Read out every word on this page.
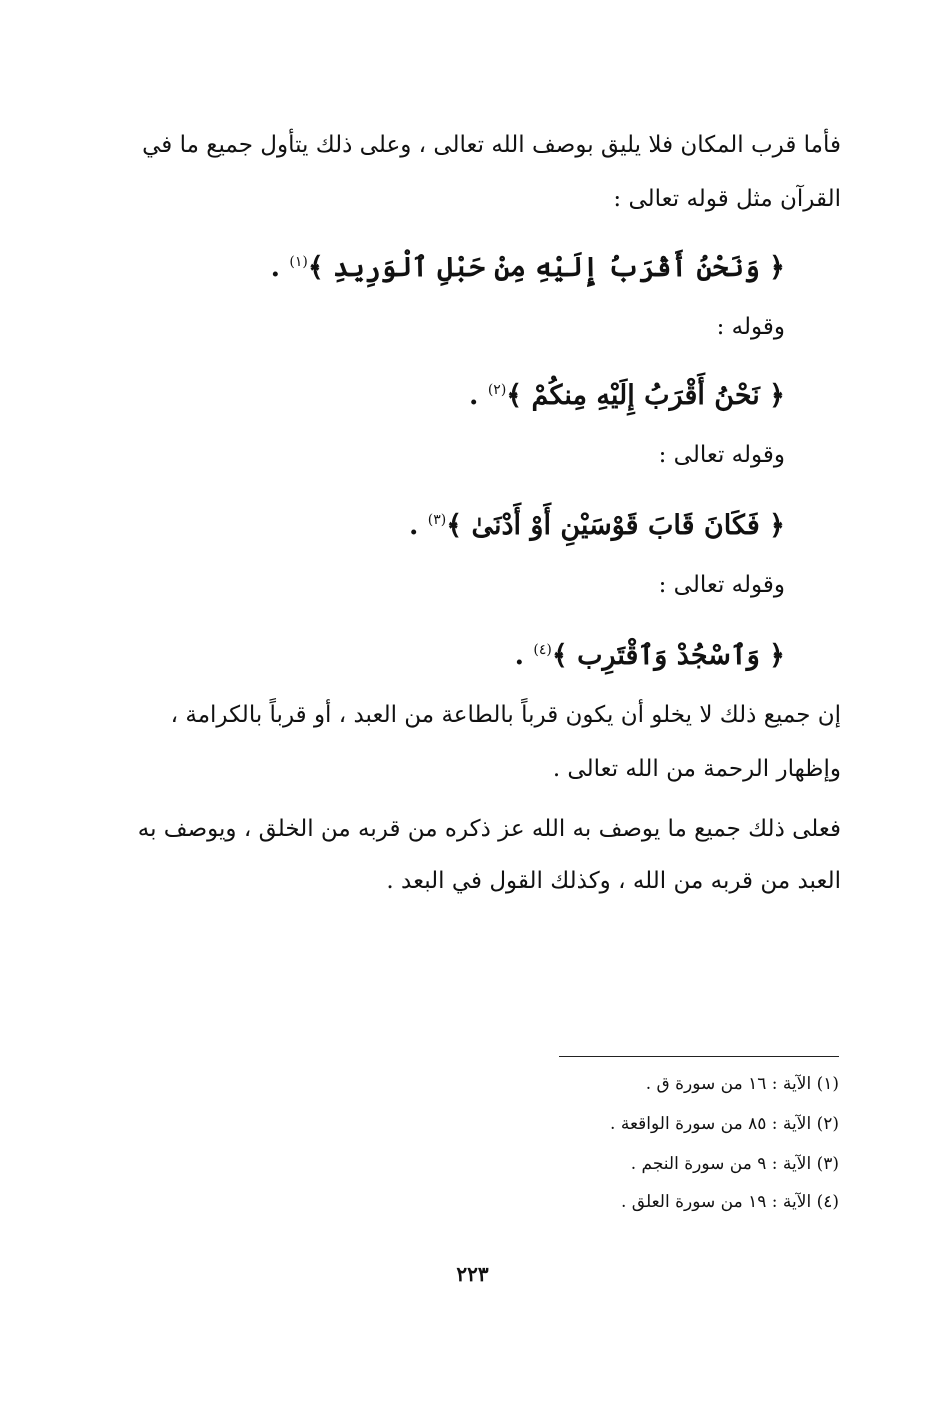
فأما قرب المكان فلا يليق بوصف الله تعالى ، وعلى ذلك يتأول جميع ما في
القرآن مثل قوله تعالى :
﴿ وَنَحْنُ أَقْرَبُ إِلَيْهِ مِنْ حَبْلِ ٱلْوَرِيدِ ﴾$^{(١)}$ .
وقوله :
﴿ نَحْنُ أَقْرَبُ إِلَيْهِ مِنكُمْ ﴾$^{(٢)}$ .
وقوله تعالى :
﴿ فَكَانَ قَابَ قَوْسَيْنِ أَوْ أَدْنَىٰ ﴾$^{(٣)}$ .
وقوله تعالى :
﴿ وَٱسْجُدْ وَٱقْتَرِب ﴾$^{(٤)}$ .
إن جميع ذلك لا يخلو أن يكون قرباً بالطاعة من العبد ، أو قرباً بالكرامة ،
وإظهار الرحمة من الله تعالى .
فعلى ذلك جميع ما يوصف به الله عز ذكره من قربه من الخلق ، ويوصف به
العبد من قربه من الله ، وكذلك القول في البعد .
(١) الآية : ١٦ من سورة ق .
(٢) الآية : ٨٥ من سورة الواقعة .
(٣) الآية : ٩ من سورة النجم .
(٤) الآية : ١٩ من سورة العلق .
٢٢٣
